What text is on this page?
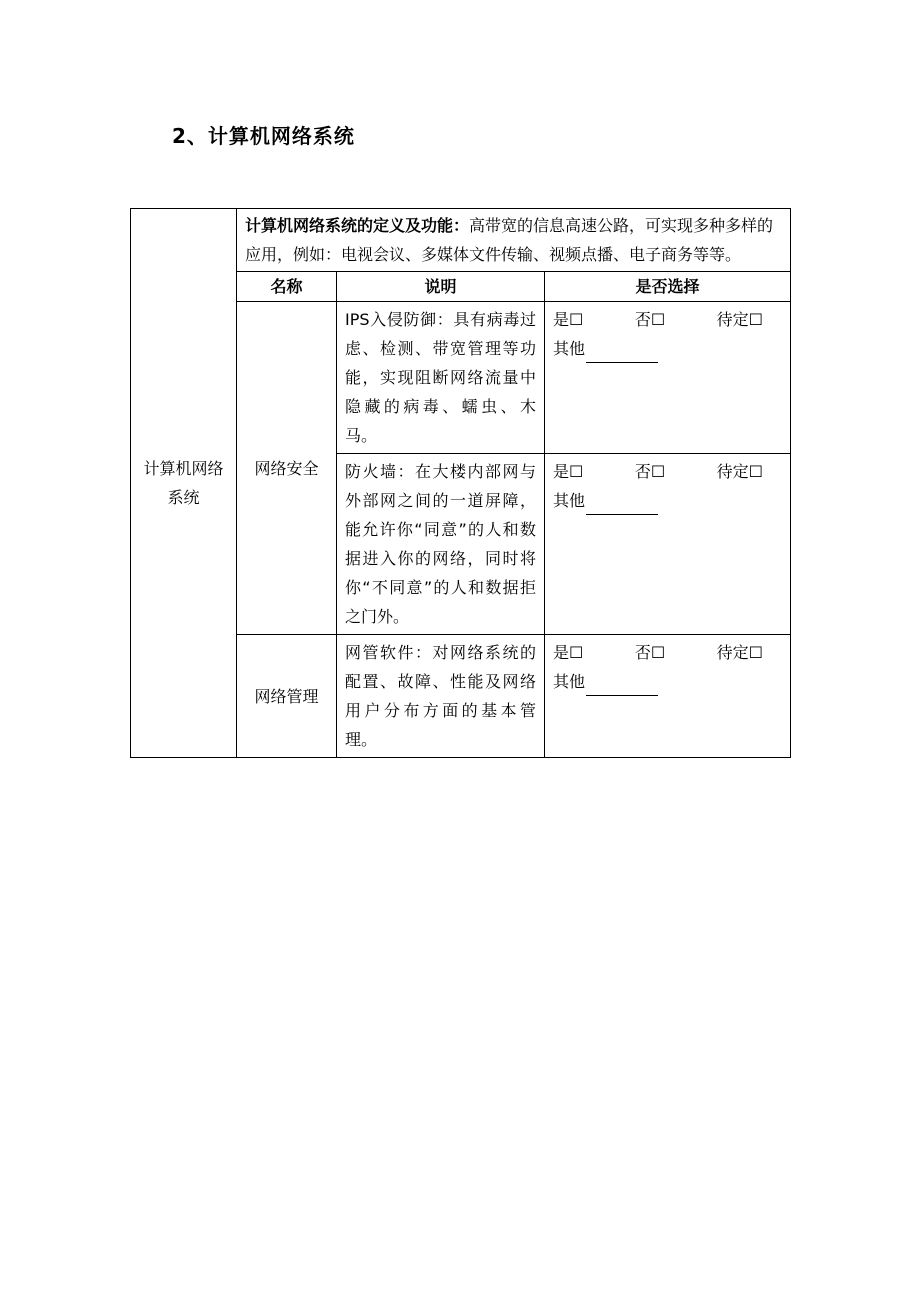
2、计算机网络系统
计算机网络系统	计算机网络系统的定义及功能：高带宽的信息高速公路，可实现多种多样的应用，例如：电视会议、多媒体文件传输、视频点播、电子商务等等。		
	名称	说明	是否选择
	网络安全	IPS入侵防御：具有病毒过虑、检测、带宽管理等功能，实现阻断网络流量中隐藏的病毒、蠕虫、木马。	是☐ 否☐ 待定☐
其他

		防火墙：在大楼内部网与外部网之间的一道屏障，能允许你“同意”的人和数据进入你的网络，同时将你“不同意”的人和数据拒之门外。	是☐ 否☐ 待定☐
其他

	网络管理	网管软件：对网络系统的配置、故障、性能及网络用户分布方面的基本管理。	是☐ 否☐ 待定☐
其他
